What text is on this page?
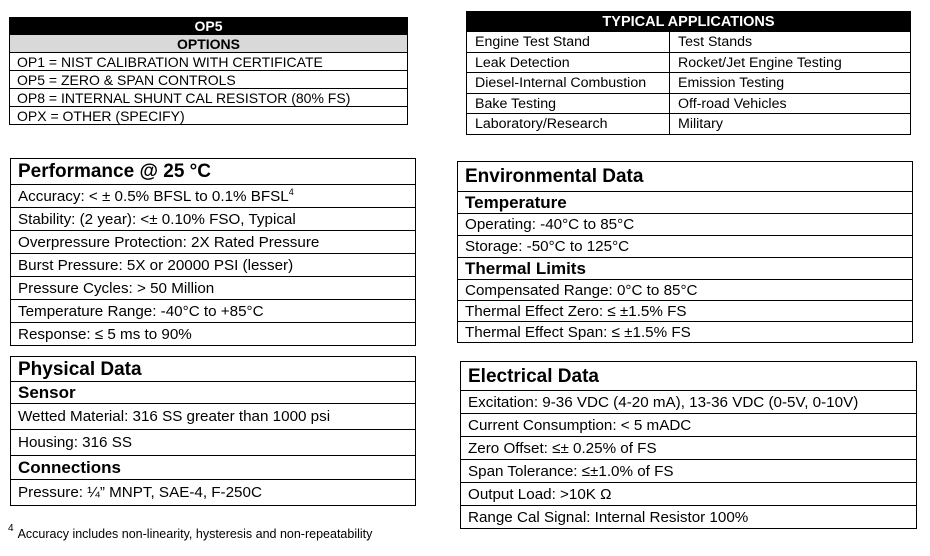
OP5
OPTIONS
OP1 = NIST CALIBRATION WITH CERTIFICATE
OP5 = ZERO & SPAN CONTROLS
OP8 = INTERNAL SHUNT CAL RESISTOR (80% FS)
OPX = OTHER (SPECIFY)
TYPICAL APPLICATIONS
Engine Test Stand	Test Stands
Leak Detection	Rocket/Jet Engine Testing
Diesel-Internal Combustion	Emission Testing
Bake Testing	Off-road Vehicles
Laboratory/Research	Military
Performance @ 25 °C
Accuracy: < ± 0.5% BFSL to 0.1% BFSL$^4$
Stability: (2 year): <± 0.10% FSO, Typical
Overpressure Protection: 2X Rated Pressure
Burst Pressure: 5X or 20000 PSI (lesser)
Pressure Cycles: > 50 Million
Temperature Range: -40°C to +85°C
Response: ≤ 5 ms to 90%
Physical Data
Sensor
Wetted Material: 316 SS greater than 1000 psi
Housing: 316 SS
Connections
Pressure: ¼” MNPT, SAE-4, F-250C
Environmental Data
Temperature
Operating: -40°C to 85°C
Storage: -50°C to 125°C
Thermal Limits
Compensated Range: 0°C to 85°C
Thermal Effect Zero: ≤ ±1.5% FS
Thermal Effect Span: ≤ ±1.5% FS
Electrical Data
Excitation: 9-36 VDC (4-20 mA), 13-36 VDC (0-5V, 0-10V)
Current Consumption: < 5 mADC
Zero Offset: ≤± 0.25% of FS
Span Tolerance: ≤±1.0% of FS
Output Load: >10K Ω
Range Cal Signal: Internal Resistor 100%
$^4$ Accuracy includes non-linearity, hysteresis and non-repeatability
